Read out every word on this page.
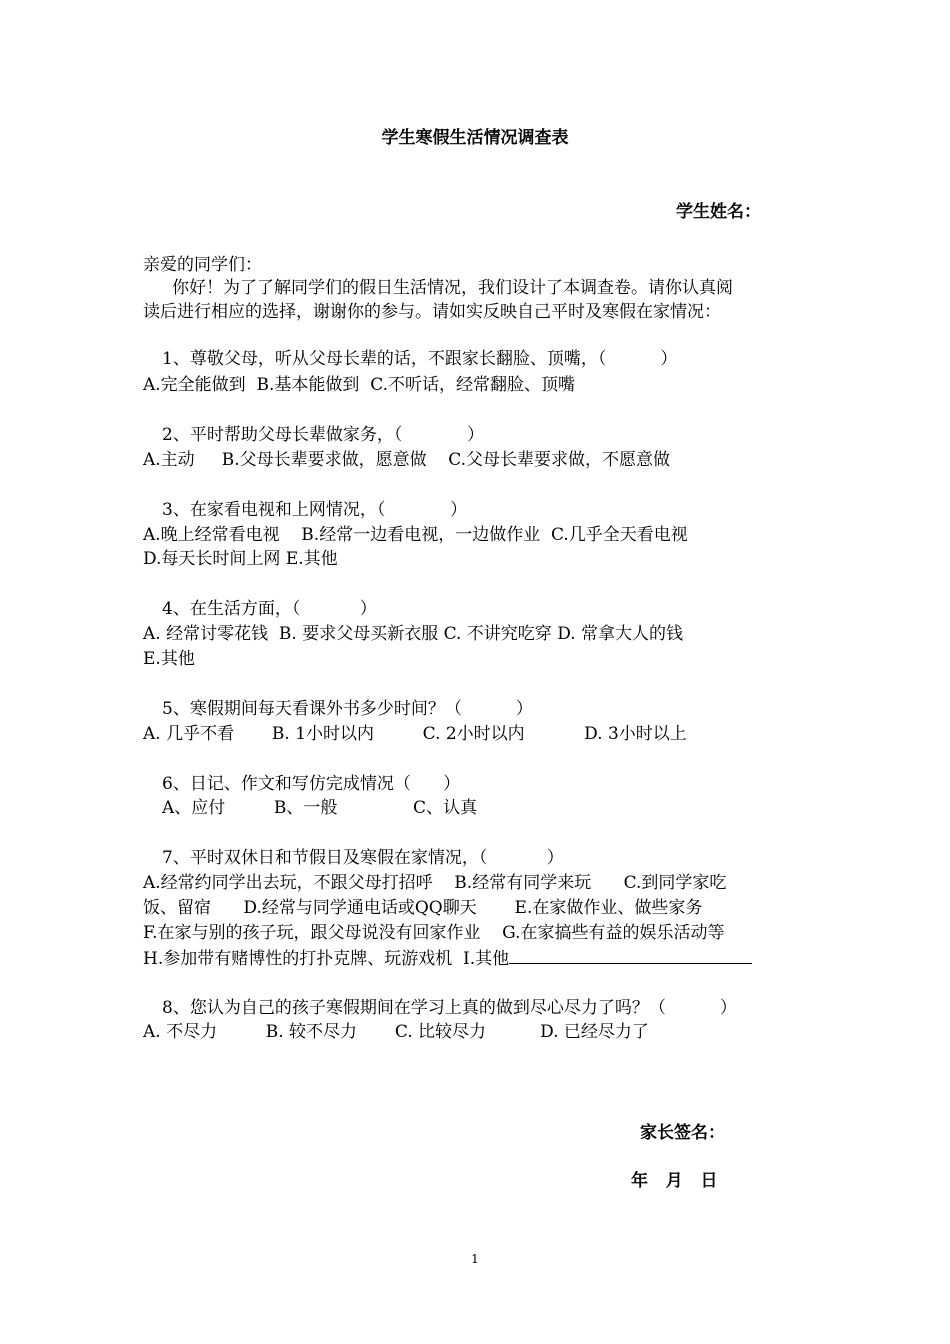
学生寒假生活情况调查表
学生姓名：
亲爱的同学们：
你好！为了了解同学们的假日生活情况，我们设计了本调查卷。请你认真阅
读后进行相应的选择，谢谢你的参与。请如实反映自己平时及寒假在家情况：
1、尊敬父母，听从父母长辈的话，不跟家长翻脸、顶嘴，（          ）
A.完全能做到  B.基本能做到  C.不听话，经常翻脸、顶嘴
2、平时帮助父母长辈做家务，（            ）
A.主动     B.父母长辈要求做，愿意做    C.父母长辈要求做，不愿意做
3、在家看电视和上网情况，（            ）
A.晚上经常看电视    B.经常一边看电视，一边做作业  C.几乎全天看电视
D.每天长时间上网 E.其他
4、在生活方面，（           ）
A. 经常讨零花钱  B. 要求父母买新衣服 C. 不讲究吃穿 D. 常拿大人的钱
E.其他
5、寒假期间每天看课外书多少时间？（          ）
A. 几乎不看       B. 1小时以内         C. 2小时以内           D. 3小时以上
6、日记、作文和写仿完成情况（      ）
A、应付         B、一般              C、认真
7、平时双休日和节假日及寒假在家情况，（           ）
A.经常约同学出去玩，不跟父母打招呼    B.经常有同学来玩      C.到同学家吃
饭、留宿      D.经常与同学通电话或QQ聊天       E.在家做作业、做些家务
F.在家与别的孩子玩，跟父母说没有回家作业    G.在家搞些有益的娱乐活动等
H.参加带有赌博性的打扑克牌、玩游戏机  I.其他
8、您认为自己的孩子寒假期间在学习上真的做到尽心尽力了吗？（          ）
A. 不尽力         B. 较不尽力       C. 比较尽力          D. 已经尽力了
家长签名：
年   月   日
1
